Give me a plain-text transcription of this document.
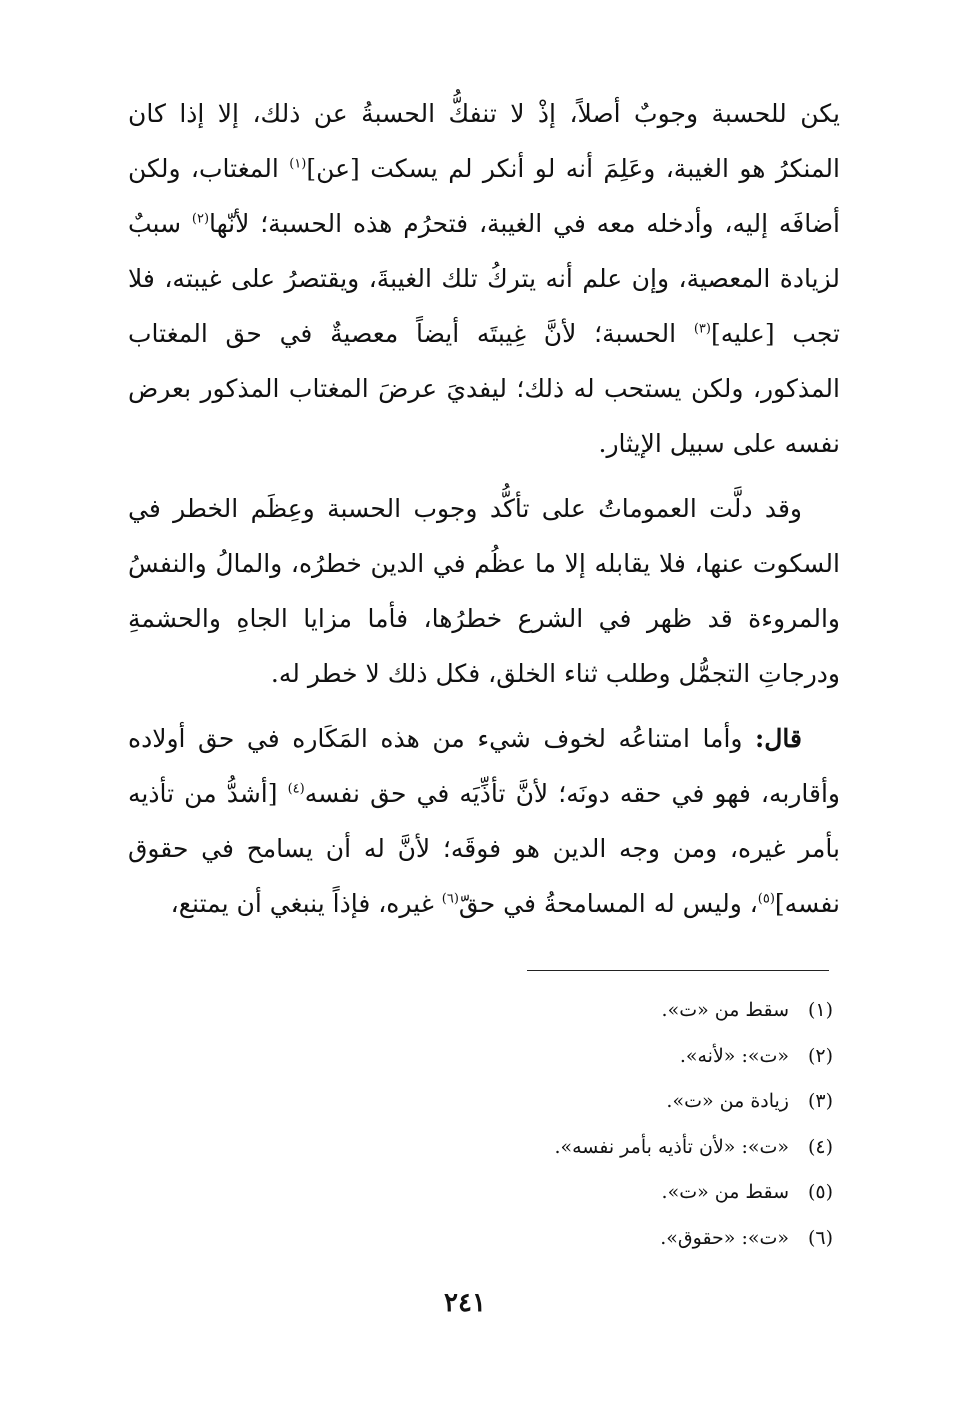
يكن للحسبة وجوبٌ أصلاً، إذْ لا تنفكُّ الحسبةُ عن ذلك، إلا إذا كان المنكرُ هو الغيبة، وعَلِمَ أنه لو أنكر لم يسكت [عن]$^{(١)}$ المغتاب، ولكن أضافَه إليه، وأدخله معه في الغيبة، فتحرُم هذه الحسبة؛ لأنّها$^{(٢)}$ سببٌ لزيادة المعصية، وإن علم أنه يتركُ تلك الغيبةَ، ويقتصرُ على غيبته، فلا تجب [عليه]$^{(٣)}$ الحسبة؛ لأنَّ غِيبتَه أيضاً معصيةٌ في حق المغتاب المذكور، ولكن يستحب له ذلك؛ ليفديَ عرضَ المغتاب المذكور بعرض نفسه على سبيل الإيثار.

وقد دلَّت العموماتُ على تأكُّد وجوب الحسبة وعِظَم الخطر في السكوت عنها، فلا يقابله إلا ما عظُم في الدين خطرُه، والمالُ والنفسُ والمروءة قد ظهر في الشرع خطرُها، فأما مزايا الجاهِ والحشمةِ ودرجاتِ التجمُّل وطلب ثناء الخلق، فكل ذلك لا خطر له.

قال: وأما امتناعُه لخوف شيء من هذه المَكَاره في حق أولاده وأقاربه، فهو في حقه دونَه؛ لأنَّ تأذِّيَه في حق نفسه$^{(٤)}$ [أشدُّ من تأذيه بأمر غيره، ومن وجه الدين هو فوقَه؛ لأنَّ له أن يسامح في حقوق نفسه]$^{(٥)}$، وليس له المسامحةُ في حقّ$^{(٦)}$ غيره، فإذاً ينبغي أن يمتنع،

(١)سقط من «ت».
(٢)«ت»: «لأنه».
(٣)زيادة من «ت».
(٤)«ت»: «لأن تأذيه بأمر نفسه».
(٥)سقط من «ت».
(٦)«ت»: «حقوق».
٢٤١
